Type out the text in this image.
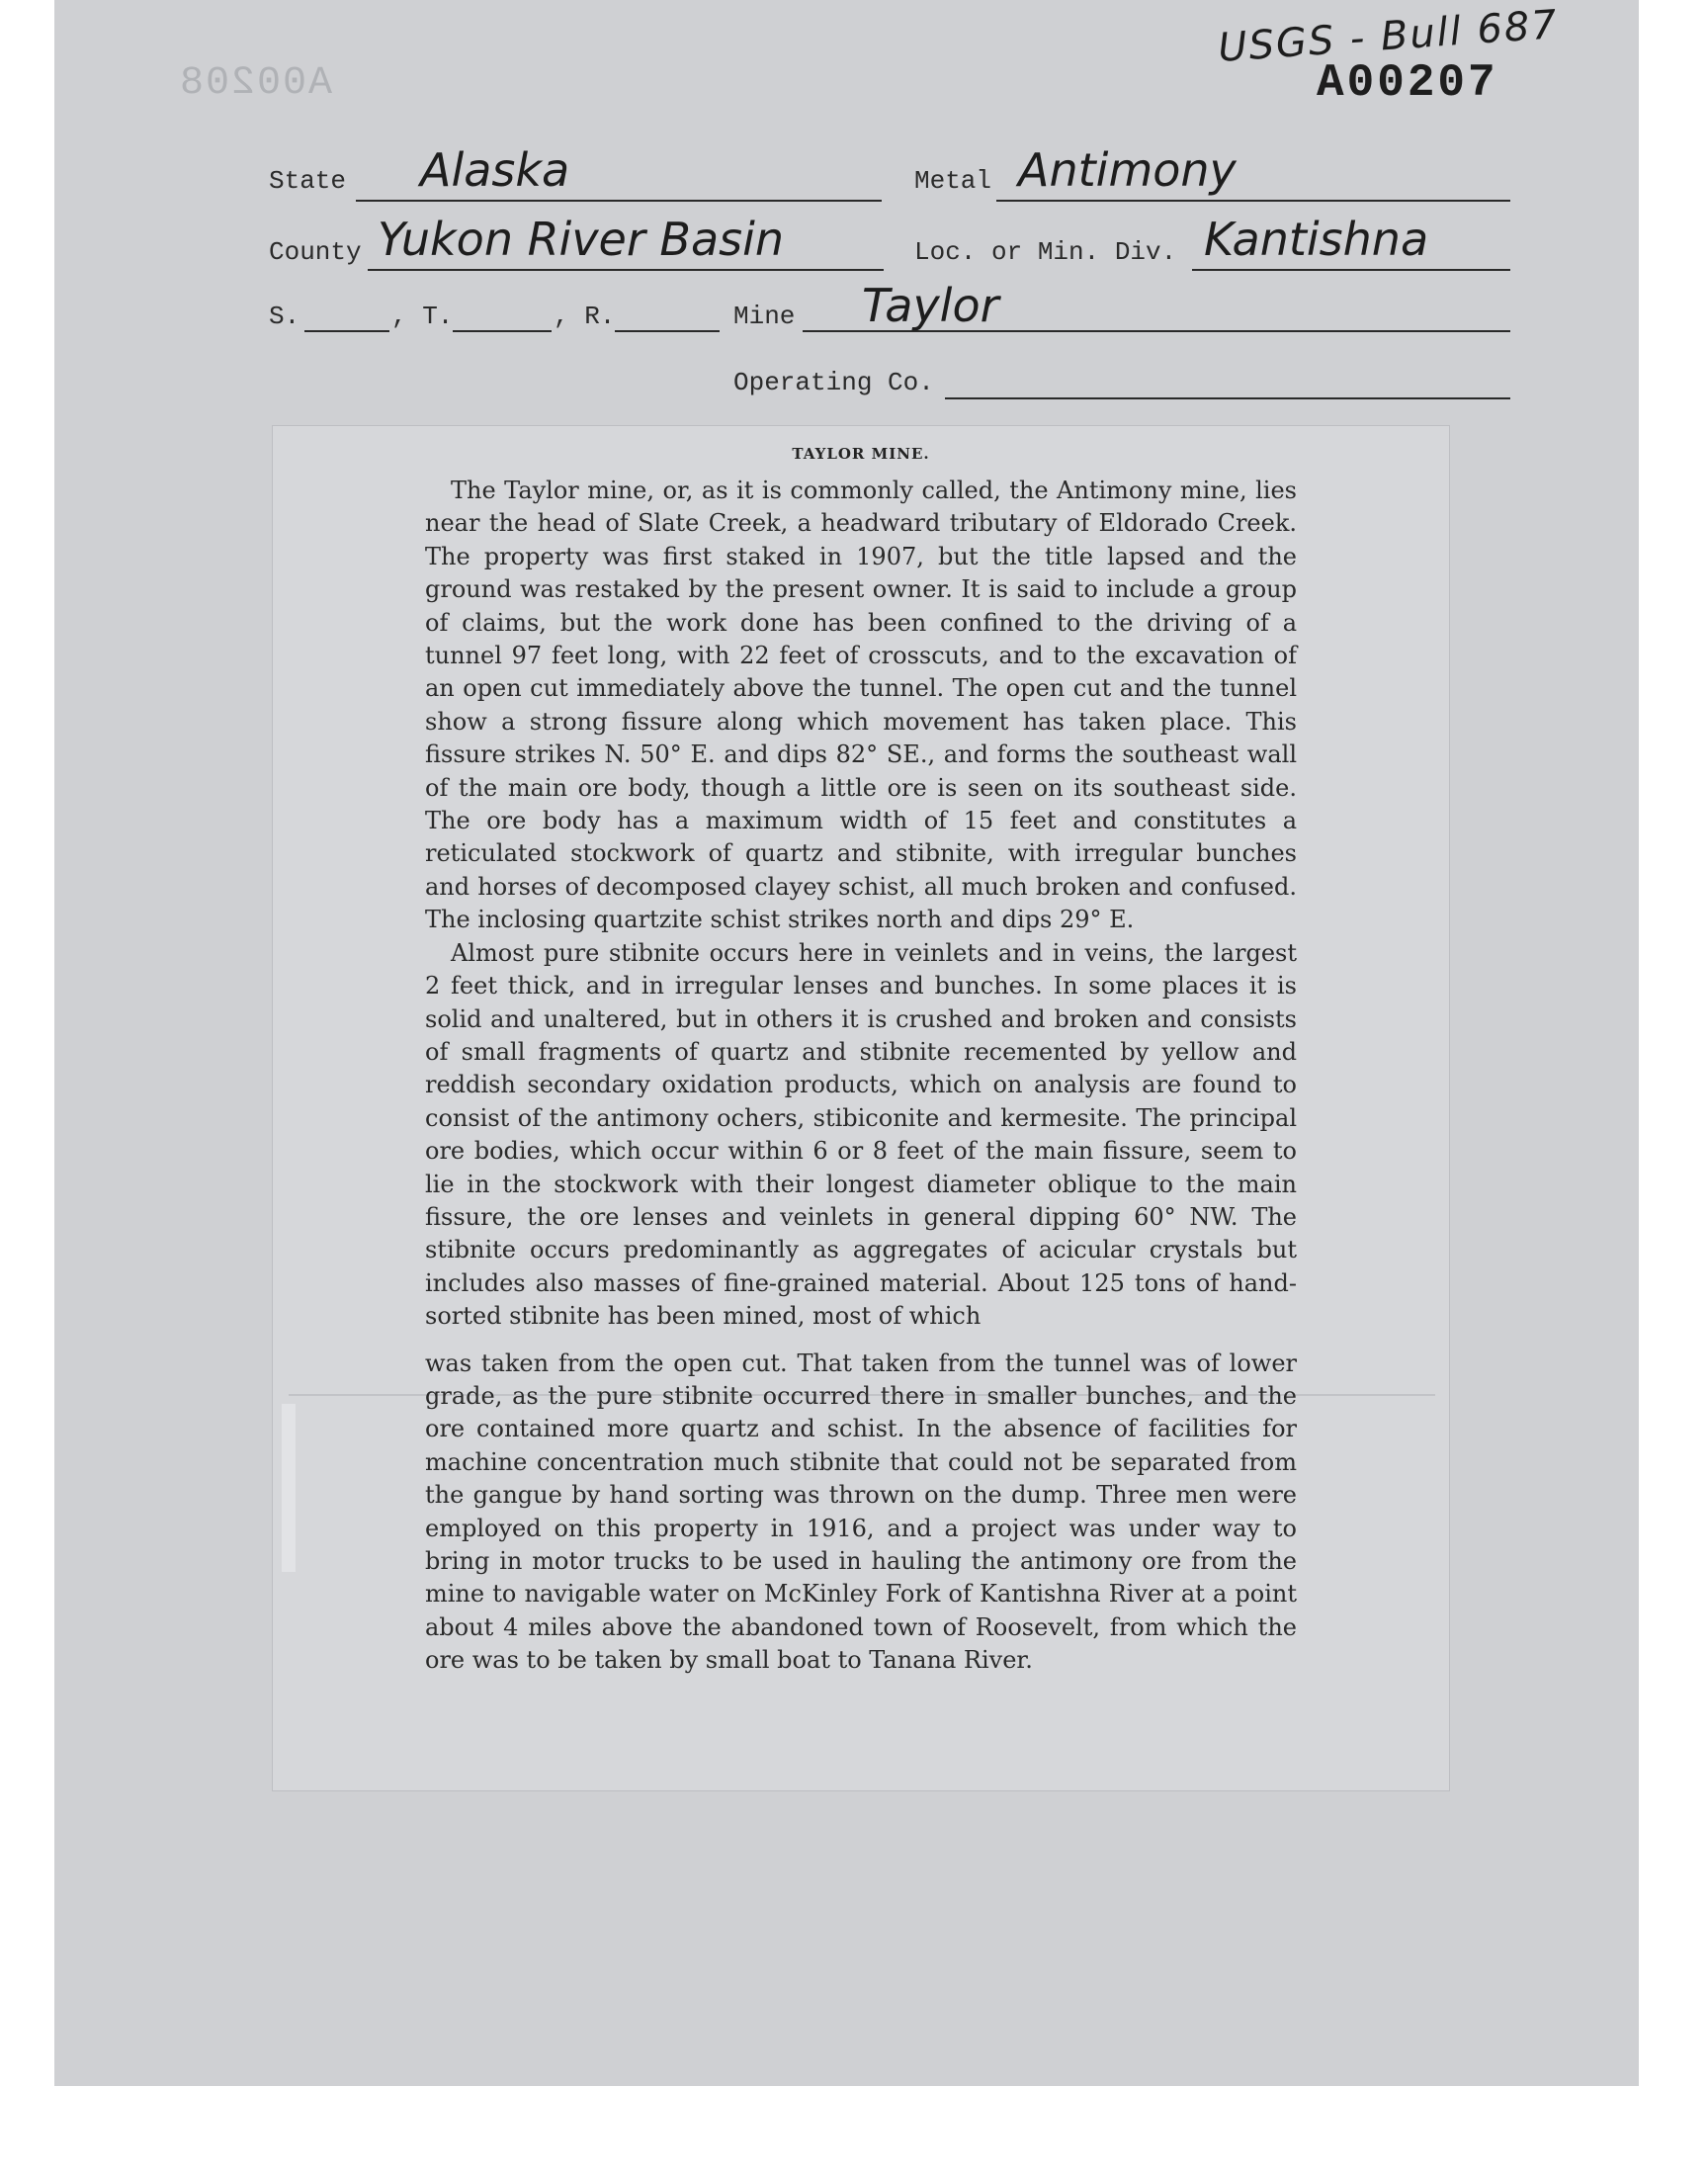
A00208
USGS - Bull 687
A00207
State Alaska	Metal Antimony
County Yukon River Basin	Loc. or Min. Div. Kantishna
S.	, T.	, R.	Mine Taylor
Operating Co.
TAYLOR MINE.

The Taylor mine, or, as it is commonly called, the Antimony mine, lies near the head of Slate Creek, a headward tributary of Eldorado Creek. The property was first staked in 1907, but the title lapsed and the ground was restaked by the present owner. It is said to include a group of claims, but the work done has been confined to the driving of a tunnel 97 feet long, with 22 feet of crosscuts, and to the excavation of an open cut immediately above the tunnel. The open cut and the tunnel show a strong fissure along which movement has taken place. This fissure strikes N. 50° E. and dips 82° SE., and forms the southeast wall of the main ore body, though a little ore is seen on its southeast side. The ore body has a maximum width of 15 feet and constitutes a reticulated stockwork of quartz and stibnite, with irregular bunches and horses of decomposed clayey schist, all much broken and confused. The inclosing quartzite schist strikes north and dips 29° E.

Almost pure stibnite occurs here in veinlets and in veins, the largest 2 feet thick, and in irregular lenses and bunches. In some places it is solid and unaltered, but in others it is crushed and broken and consists of small fragments of quartz and stibnite recemented by yellow and reddish secondary oxidation products, which on analysis are found to consist of the antimony ochers, stibiconite and kermesite. The principal ore bodies, which occur within 6 or 8 feet of the main fissure, seem to lie in the stockwork with their longest diameter oblique to the main fissure, the ore lenses and veinlets in general dipping 60° NW. The stibnite occurs predominantly as aggregates of acicular crystals but includes also masses of fine-grained material. About 125 tons of hand-sorted stibnite has been mined, most of which

was taken from the open cut. That taken from the tunnel was of lower grade, as the pure stibnite occurred there in smaller bunches, and the ore contained more quartz and schist. In the absence of facilities for machine concentration much stibnite that could not be separated from the gangue by hand sorting was thrown on the dump. Three men were employed on this property in 1916, and a project was under way to bring in motor trucks to be used in hauling the antimony ore from the mine to navigable water on McKinley Fork of Kantishna River at a point about 4 miles above the abandoned town of Roosevelt, from which the ore was to be taken by small boat to Tanana River.
